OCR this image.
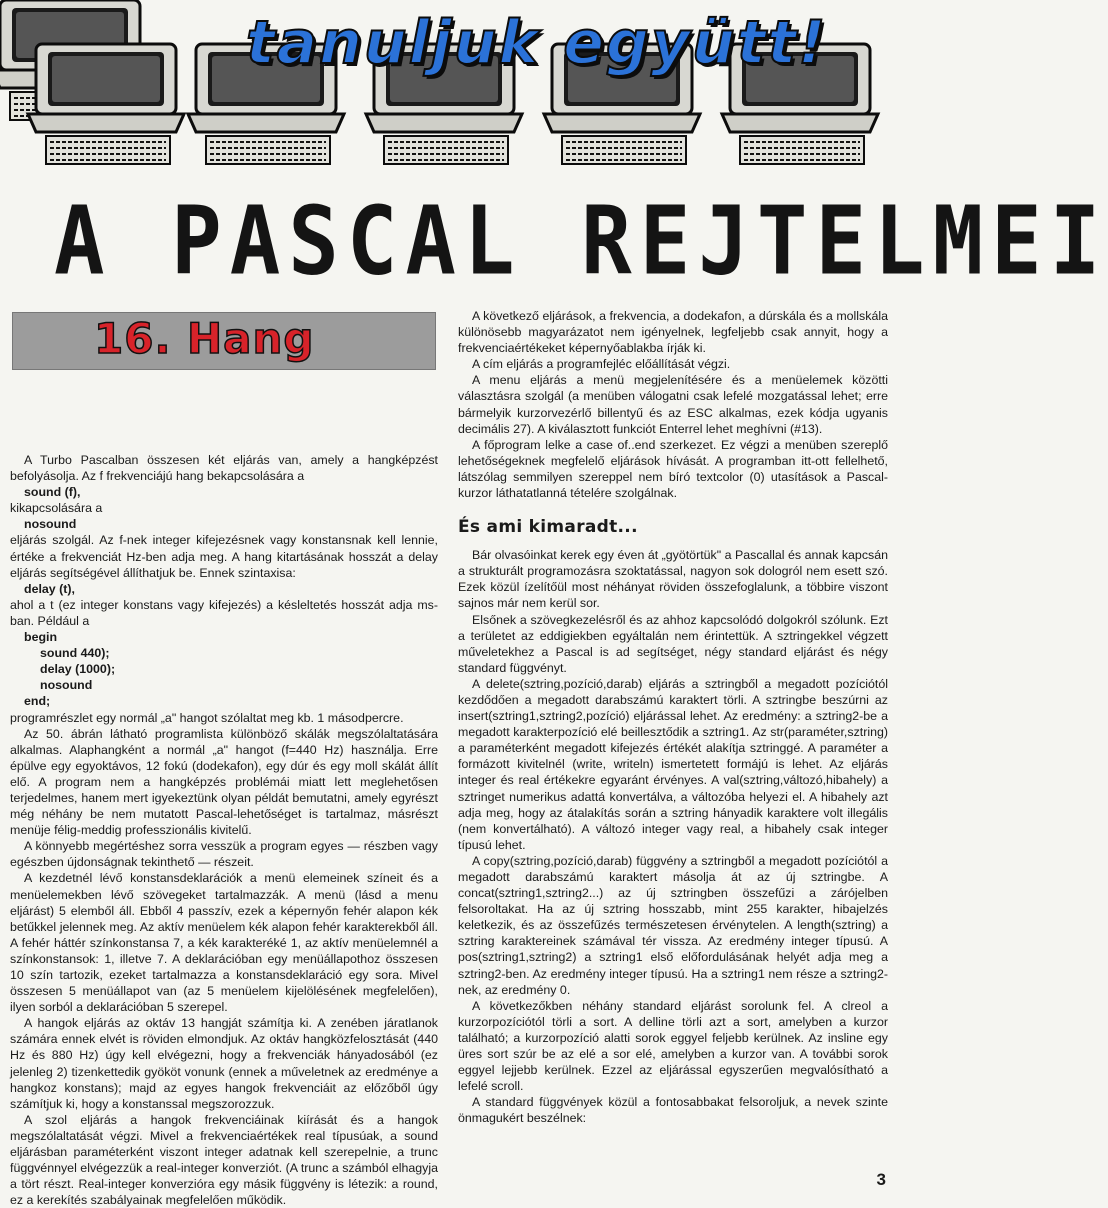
tanuljuk együtt!
A PASCAL REJTELMEI
16. Hang

A Turbo Pascalban összesen két eljárás van, amely a hangképzést befolyásolja. Az f frekvenciájú hang bekapcsolására a

sound (f),

kikapcsolására a

nosound

eljárás szolgál. Az f-nek integer kifejezésnek vagy konstansnak kell lennie, értéke a frekvenciát Hz-ben adja meg. A hang kitartásának hosszát a delay eljárás segítségével állíthatjuk be. Ennek szintaxisa:

delay (t),

ahol a t (ez integer konstans vagy kifejezés) a késleltetés hosszát adja ms-ban. Például a

begin
sound 440);
delay (1000);
nosound
end;

programrészlet egy normál „a" hangot szólaltat meg kb. 1 másodpercre.

Az 50. ábrán látható programlista különböző skálák megszólaltatására alkalmas. Alaphangként a normál „a" hangot (f=440 Hz) használja. Erre épülve egy egyoktávos, 12 fokú (dodekafon), egy dúr és egy moll skálát állít elő. A program nem a hangképzés problémái miatt lett meglehetősen terjedelmes, hanem mert igyekeztünk olyan példát bemutatni, amely egyrészt még néhány be nem mutatott Pascal-lehetőséget is tartalmaz, másrészt menüje félig-meddig professzionális kivitelű.

A könnyebb megértéshez sorra vesszük a program egyes — részben vagy egészben újdonságnak tekinthető — részeit.

A kezdetnél lévő konstansdeklarációk a menü elemeinek színeit és a menüelemekben lévő szövegeket tartalmazzák. A menü (lásd a menu eljárást) 5 elemből áll. Ebből 4 passzív, ezek a képernyőn fehér alapon kék betűkkel jelennek meg. Az aktív menüelem kék alapon fehér karakterekből áll. A fehér háttér színkonstansa 7, a kék karakteréké 1, az aktív menüelemnél a színkonstansok: 1, illetve 7. A deklarációban egy menüállapothoz összesen 10 szín tartozik, ezeket tartalmazza a konstansdeklaráció egy sora. Mivel összesen 5 menüállapot van (az 5 menüelem kijelölésének megfelelően), ilyen sorból a deklarációban 5 szerepel.

A hangok eljárás az oktáv 13 hangját számítja ki. A zenében járatlanok számára ennek elvét is röviden elmondjuk. Az oktáv hangközfelosztását (440 Hz és 880 Hz) úgy kell elvégezni, hogy a frekvenciák hányadosából (ez jelenleg 2) tizenkettedik gyököt vonunk (ennek a műveletnek az eredménye a hangkoz konstans); majd az egyes hangok frekvenciáit az előzőből úgy számítjuk ki, hogy a konstanssal megszorozzuk.

A szol eljárás a hangok frekvenciáinak kiírását és a hangok megszólaltatását végzi. Mivel a frekvenciaértékek real típusúak, a sound eljárásban paraméterként viszont integer adatnak kell szerepelnie, a trunc függvénnyel elvégezzük a real-integer konverziót. (A trunc a számból elhagyja a tört részt. Real-integer konverzióra egy másik függvény is létezik: a round, ez a kerekítés szabályainak megfelelően működik.

A következő eljárások, a frekvencia, a dodekafon, a dúrskála és a mollskála különösebb magyarázatot nem igényelnek, legfeljebb csak annyit, hogy a frekvenciaértékeket képernyőablakba írják ki.

A cím eljárás a programfejléc előállítását végzi.

A menu eljárás a menü megjelenítésére és a menüelemek közötti választásra szolgál (a menüben válogatni csak lefelé mozgatással lehet; erre bármelyik kurzorvezérlő billentyű és az ESC alkalmas, ezek kódja ugyanis decimális 27). A kiválasztott funkciót Enterrel lehet meghívni (#13).

A főprogram lelke a case of..end szerkezet. Ez végzi a menüben szereplő lehetőségeknek megfelelő eljárások hívását. A programban itt-ott fellelhető, látszólag semmilyen szereppel nem bíró textcolor (0) utasítások a Pascal-kurzor láthatatlanná tételére szolgálnak.

És ami kimaradt...

Bár olvasóinkat kerek egy éven át „gyötörtük" a Pascallal és annak kapcsán a strukturált programozásra szoktatással, nagyon sok dologról nem esett szó. Ezek közül ízelítőül most néhányat röviden összefoglalunk, a többire viszont sajnos már nem kerül sor.

Elsőnek a szövegkezelésről és az ahhoz kapcsolódó dolgokról szólunk. Ezt a területet az eddigiekben egyáltalán nem érintettük. A sztringekkel végzett műveletekhez a Pascal is ad segítséget, négy standard eljárást és négy standard függvényt.

A delete(sztring,pozíció,darab) eljárás a sztringből a megadott pozíciótól kezdődően a megadott darabszámú karaktert törli. A sztringbe beszúrni az insert(sztring1,sztring2,pozíció) eljárással lehet. Az eredmény: a sztring2-be a megadott karakterpozíció elé beillesztődik a sztring1. Az str(paraméter,sztring) a paraméterként megadott kifejezés értékét alakítja sztringgé. A paraméter a formázott kivitelnél (write, writeln) ismertetett formájú is lehet. Az eljárás integer és real értékekre egyaránt érvényes. A val(sztring,változó,hibahely) a sztringet numerikus adattá konvertálva, a változóba helyezi el. A hibahely azt adja meg, hogy az átalakítás során a sztring hányadik karaktere volt illegális (nem konvertálható). A változó integer vagy real, a hibahely csak integer típusú lehet.

A copy(sztring,pozíció,darab) függvény a sztringből a megadott pozíciótól a megadott darabszámú karaktert másolja át az új sztringbe. A concat(sztring1,sztring2...) az új sztringben összefűzi a zárójelben felsoroltakat. Ha az új sztring hosszabb, mint 255 karakter, hibajelzés keletkezik, és az összefűzés természetesen érvénytelen. A length(sztring) a sztring karaktereinek számával tér vissza. Az eredmény integer típusú. A pos(sztring1,sztring2) a sztring1 első előfordulásának helyét adja meg a sztring2-ben. Az eredmény integer típusú. Ha a sztring1 nem része a sztring2-nek, az eredmény 0.

A következőkben néhány standard eljárást sorolunk fel. A clreol a kurzorpozíciótól törli a sort. A delline törli azt a sort, amelyben a kurzor található; a kurzorpozíció alatti sorok eggyel feljebb kerülnek. Az insline egy üres sort szúr be az elé a sor elé, amelyben a kurzor van. A további sorok eggyel lejjebb kerülnek. Ezzel az eljárással egyszerűen megvalósítható a lefelé scroll.

A standard függvények közül a fontosabbakat felsoroljuk, a nevek szinte önmagukért beszélnek:

3
